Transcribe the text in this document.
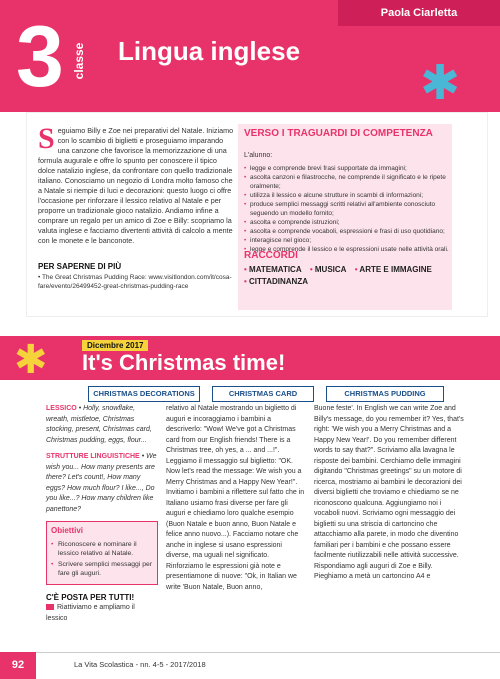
Paola Ciarletta
3 classe Lingua inglese
✱
Seguiamo Billy e Zoe nei preparativi del Natale. Iniziamo con lo scambio di biglietti e proseguiamo imparando una canzone che favorisce la memorizzazione di una formula augurale e offre lo spunto per conoscere il tipico dolce natalizio inglese, da confrontare con quello tradizionale italiano. Conosciamo un negozio di Londra molto famoso che a Natale si riempie di luci e decorazioni: questo luogo ci offre l'occasione per rinforzare il lessico relativo al Natale e per proporre un tradizionale gioco natalizio. Andiamo infine a comprare un regalo per un amico di Zoe e Billy: scopriamo la valuta inglese e facciamo divertenti attività di calcolo a mente con le monete e le banconote.
PER SAPERNE DI PIÙ

• The Great Christmas Pudding Race: www.visitlondon.com/it/cosa-fare/evento/26499452-great-christmas-pudding-race

VERSO I TRAGUARDI DI COMPETENZA
L'alunno:
• legge e comprende brevi frasi supportate da immagini;
• ascolta canzoni e filastrocche, ne comprende il significato e le ripete oralmente;
• utilizza il lessico e alcune strutture in scambi di informazioni;
• produce semplici messaggi scritti relativi all'ambiente conosciuto seguendo un modello fornito;
• ascolta e comprende istruzioni;
• ascolta e comprende vocaboli, espressioni e frasi di uso quotidiano;
• interagisce nel gioco;
• legge e comprende il lessico e le espressioni usate nelle attività orali.
RACCORDI
• MATEMATICA • MUSICA • ARTE E IMMAGINE
• CITTADINANZA
✱	Dicembre 2017
It's Christmas time!
CHRISTMAS DECORATIONS	CHRISTMAS CARD	CHRISTMAS PUDDING
LESSICO • Holly, snowflake, wreath, mistletoe, Christmas stocking, present, Christmas card, Christmas pudding, eggs, flour...
STRUTTURE LINGUISTICHE • We wish you... How many presents are there? Let's count!, How many eggs? How much flour? I like..., Do you like...? How many children like panettone?
Obiettivi
• Riconoscere e nominare il lessico relativo al Natale.
• Scrivere semplici messaggi per fare gli auguri.
C'È POSTA PER TUTTI!
Riattiviamo e ampliamo il lessico
relativo al Natale mostrando un biglietto di auguri e incoraggiamo i bambini a descriverlo: "Wow! We've got a Christmas card from our English friends! There is a Christmas tree, oh yes, a ... and ...!". Leggiamo il messaggio sul biglietto: "OK. Now let's read the message: We wish you a Merry Christmas and a Happy New Year!". Invitiamo i bambini a riflettere sul fatto che in Italiano usiamo frasi diverse per fare gli auguri e chiediamo loro qualche esempio (Buon Natale e buon anno, Buon Natale e felice anno nuovo...). Facciamo notare che anche in inglese si usano espressioni diverse, ma uguali nel significato. Rinforziamo le espressioni già note e presentiamone di nuove: "Ok, in Italian we write 'Buon Natale, Buon anno,
Buone feste'. In English we can write Zoe and Billy's message, do you remember it? Yes, that's right: 'We wish you a Merry Christmas and a Happy New Year!'. Do you remember different words to say that?". Scriviamo alla lavagna le risposte dei bambini. Cerchiamo delle immagini digitando "Christmas greetings" su un motore di ricerca, mostriamo ai bambini le decorazioni dei diversi biglietti che troviamo e chiediamo se ne riconoscono qualcuna. Aggiungiamo noi i vocaboli nuovi. Scriviamo ogni messaggio dei biglietti su una striscia di cartoncino che attacchiamo alla parete, in modo che diventino familiari per i bambini e che possano essere facilmente riutilizzabili nelle attività successive. Rispondiamo agli auguri di Zoe e Billy. Pieghiamo a metà un cartoncino A4 e
92	La Vita Scolastica - nn. 4-5 - 2017/2018
